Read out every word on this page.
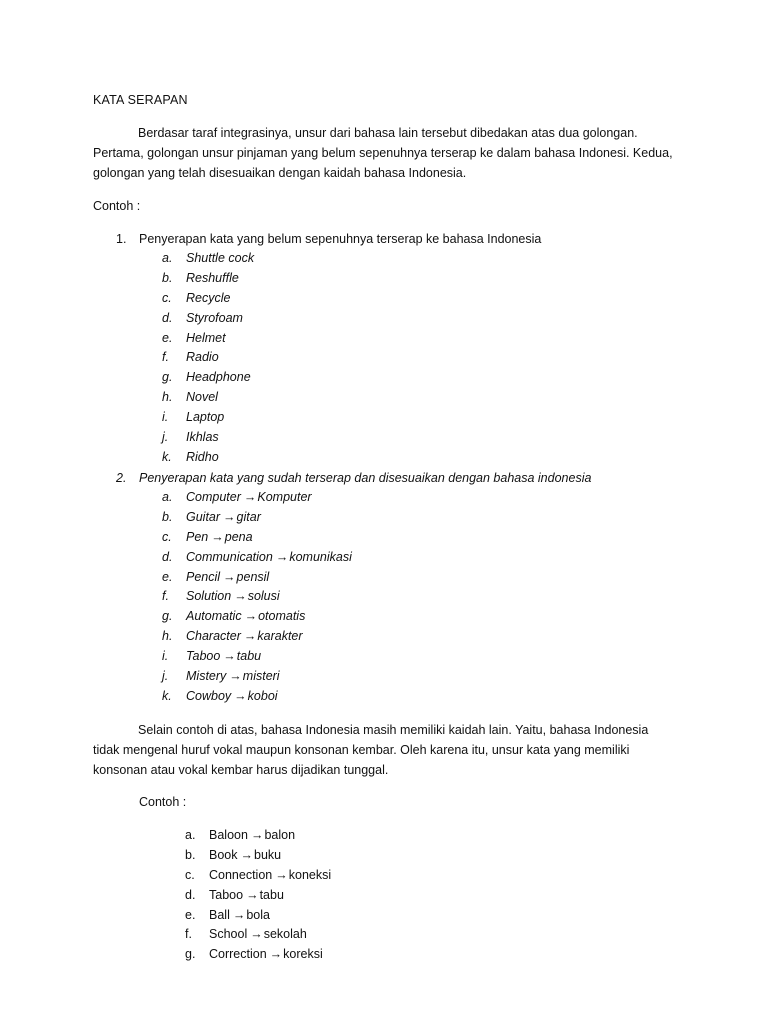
KATA SERAPAN

Berdasar taraf integrasinya, unsur dari bahasa lain tersebut dibedakan atas dua golongan. Pertama, golongan unsur pinjaman yang belum sepenuhnya terserap ke dalam bahasa Indonesi. Kedua, golongan yang telah disesuaikan dengan kaidah bahasa Indonesia.

Contoh :
1. Penyerapan kata yang belum sepenuhnya terserap ke bahasa Indonesia
a. Shuttle cock
b. Reshuffle
c. Recycle
d. Styrofoam
e. Helmet
f. Radio
g. Headphone
h. Novel
i. Laptop
j. Ikhlas
k. Ridho
2. Penyerapan kata yang sudah terserap dan disesuaikan dengan bahasa indonesia
a. Computer →Komputer
b. Guitar →gitar
c. Pen →pena
d. Communication →komunikasi
e. Pencil →pensil
f. Solution →solusi
g. Automatic →otomatis
h. Character →karakter
i. Taboo →tabu
j. Mistery →misteri
k. Cowboy →koboi

Selain contoh di atas, bahasa Indonesia masih memiliki kaidah lain. Yaitu, bahasa Indonesia tidak mengenal huruf vokal maupun konsonan kembar. Oleh karena itu, unsur kata yang memiliki konsonan atau vokal kembar harus dijadikan tunggal.

Contoh :
a. Baloon →balon
b. Book →buku
c. Connection →koneksi
d. Taboo →tabu
e. Ball →bola
f. School →sekolah
g. Correction →koreksi
